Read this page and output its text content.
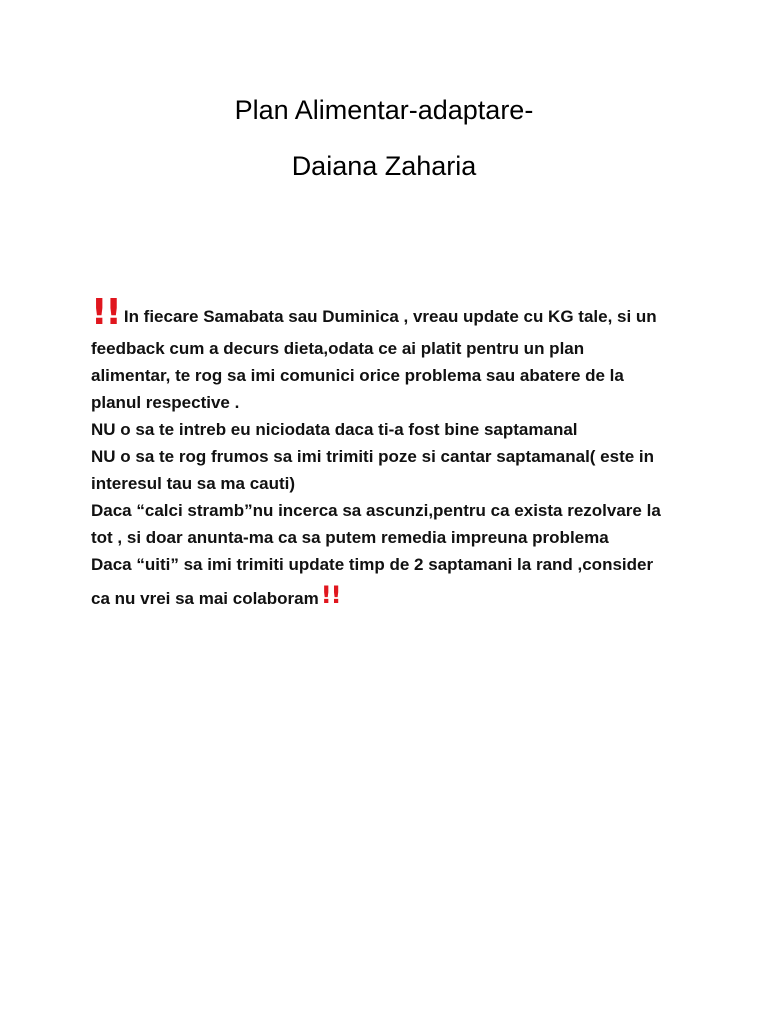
Plan Alimentar-adaptare-
Daiana Zaharia
!! In fiecare Samabata sau Duminica , vreau update cu KG tale, si un
feedback cum a decurs dieta,odata ce ai platit pentru un plan
alimentar, te rog sa imi comunici orice problema sau abatere de la
planul respective .
NU o sa te intreb eu niciodata daca ti-a fost bine saptamanal
NU o sa te rog frumos sa imi trimiti poze si cantar saptamanal( este in
interesul tau sa ma cauti)
Daca “calci stramb”nu incerca sa ascunzi,pentru ca exista rezolvare la
tot , si doar anunta-ma ca sa putem remedia impreuna problema
Daca “uiti” sa imi trimiti update timp de 2 saptamani la rand ,consider
ca nu vrei sa mai colaboram!!
